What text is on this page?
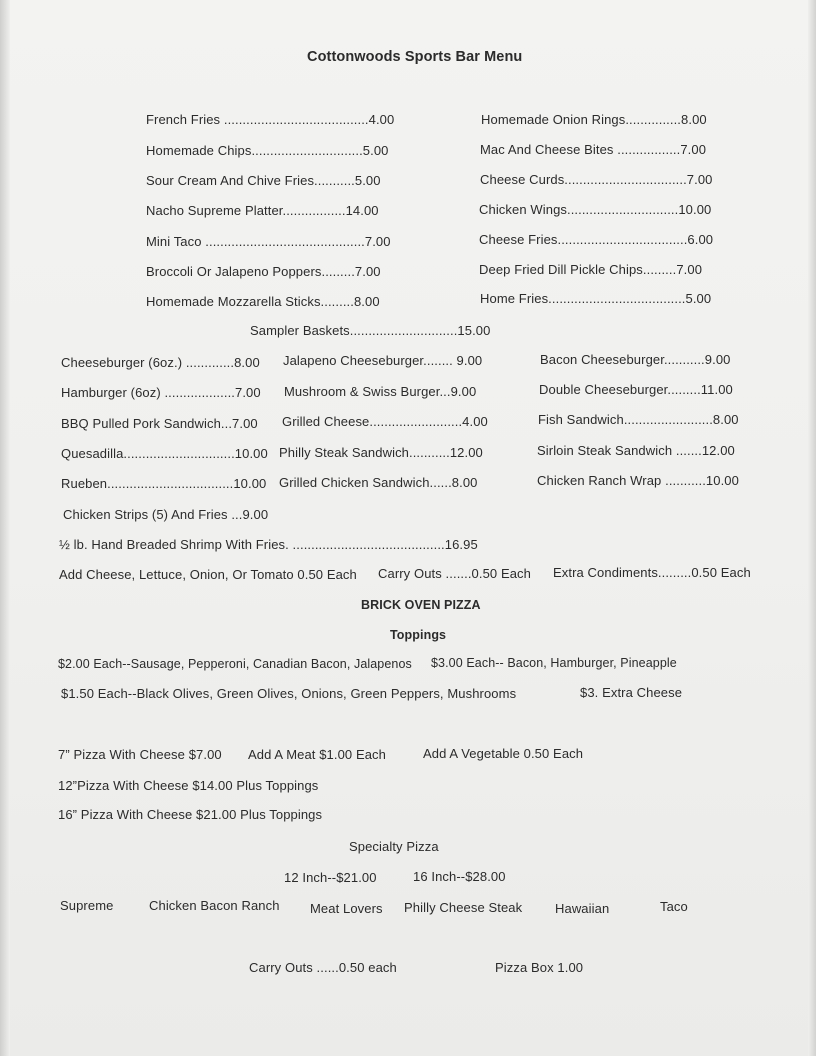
Cottonwoods Sports Bar Menu
French Fries .......................................4.00
Homemade Chips..............................5.00
Sour Cream And Chive Fries...........5.00
Nacho Supreme Platter.................14.00
Mini Taco ...........................................7.00
Broccoli Or Jalapeno Poppers.........7.00
Homemade Mozzarella Sticks.........8.00
Homemade Onion Rings...............8.00
Mac And Cheese Bites .................7.00
Cheese Curds.................................7.00
Chicken Wings..............................10.00
Cheese Fries...................................6.00
Deep Fried Dill Pickle Chips.........7.00
Home Fries.....................................5.00
Sampler Baskets.............................15.00
Cheeseburger (6oz.) .............8.00
Hamburger (6oz) ...................7.00
BBQ Pulled Pork Sandwich...7.00
Quesadilla..............................10.00
Rueben..................................10.00
Jalapeno Cheeseburger........ 9.00
Mushroom & Swiss Burger...9.00
Grilled Cheese.........................4.00
Philly Steak Sandwich...........12.00
Grilled Chicken Sandwich......8.00
Bacon Cheeseburger...........9.00
Double Cheeseburger.........11.00
Fish Sandwich........................8.00
Sirloin Steak Sandwich .......12.00
Chicken Ranch Wrap ...........10.00
Chicken Strips (5) And Fries ...9.00
½ lb. Hand Breaded Shrimp With Fries. .........................................16.95
Add Cheese, Lettuce, Onion, Or Tomato 0.50 Each Carry Outs .......0.50 Each Extra Condiments.........0.50 Each
BRICK OVEN PIZZA
Toppings
$2.00 Each--Sausage, Pepperoni, Canadian Bacon, Jalapenos $3.00 Each-- Bacon, Hamburger, Pineapple
$1.50 Each--Black Olives, Green Olives, Onions, Green Peppers, Mushrooms	$3. Extra Cheese
7” Pizza With Cheese $7.00 Add A Meat $1.00 Each	Add A Vegetable 0.50 Each
12”Pizza With Cheese $14.00 Plus Toppings
16” Pizza With Cheese $21.00 Plus Toppings
Specialty Pizza
12 Inch--$21.00	16 Inch--$28.00
Supreme	Chicken Bacon Ranch Meat Lovers Philly Cheese Steak	Hawaiian	Taco
Carry Outs ......0.50 each	Pizza Box 1.00
